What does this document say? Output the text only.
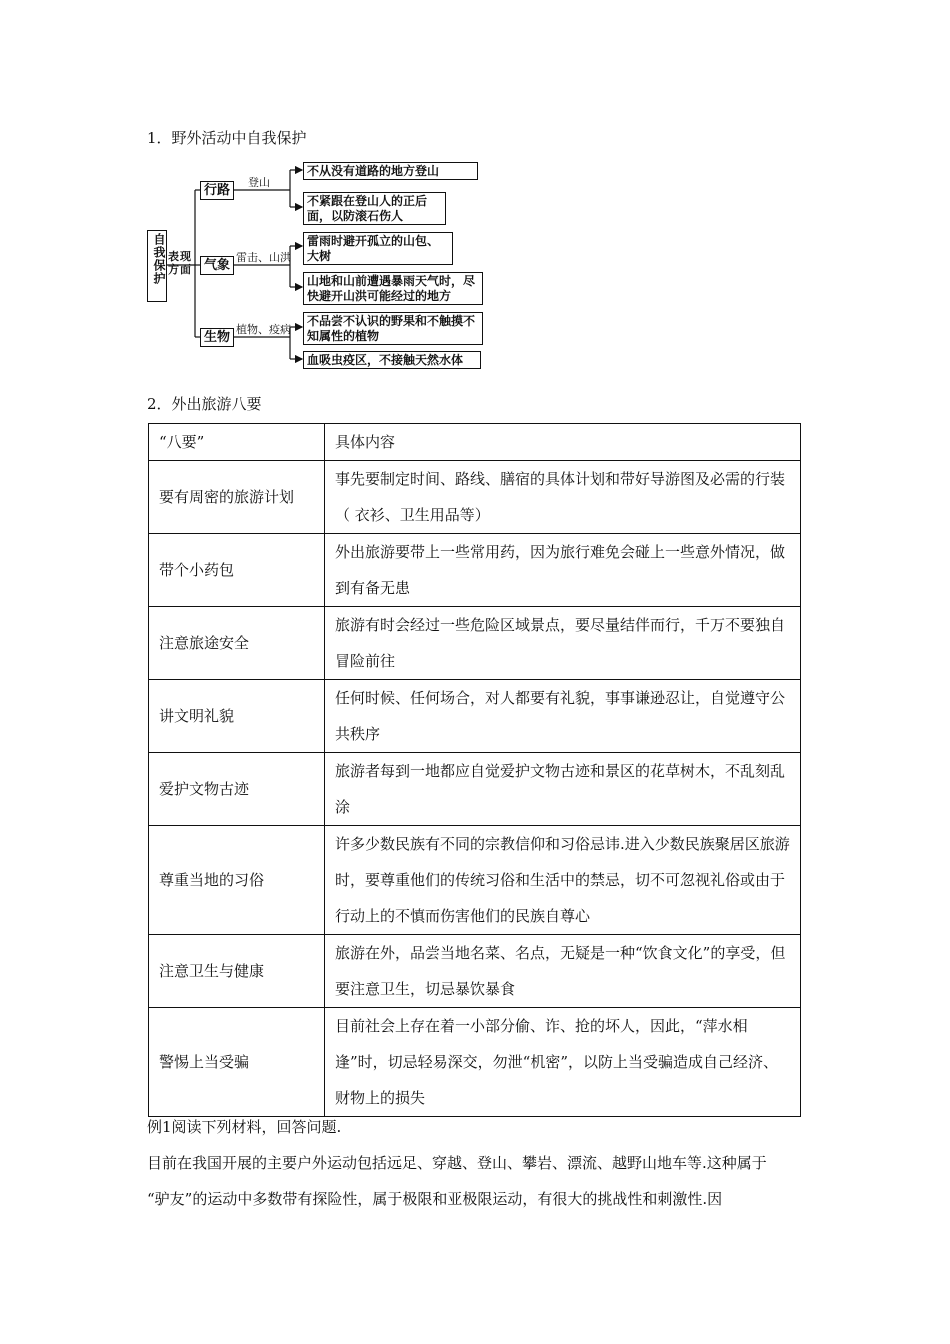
1．野外活动中自我保护
自我保护 表现方面
行路
气象
生物
登山
雷击、山洪
植物、疫病
不从没有道路的地方登山
不紧跟在登山人的正后面，以防滚石伤人
雷雨时避开孤立的山包、大树
山地和山前遭遇暴雨天气时，尽快避开山洪可能经过的地方
不品尝不认识的野果和不触摸不知属性的植物
血吸虫疫区，不接触天然水体
2．外出旅游八要
“八要”	具体内容
要有周密的旅游计划	事先要制定时间、路线、膳宿的具体计划和带好导游图及必需的行装（ 衣衫、卫生用品等）
带个小药包	外出旅游要带上一些常用药，因为旅行难免会碰上一些意外情况，做到有备无患
注意旅途安全	旅游有时会经过一些危险区域景点，要尽量结伴而行，千万不要独自冒险前往
讲文明礼貌	任何时候、任何场合，对人都要有礼貌，事事谦逊忍让，自觉遵守公共秩序
爱护文物古迹	旅游者每到一地都应自觉爱护文物古迹和景区的花草树木，不乱刻乱涂
尊重当地的习俗	许多少数民族有不同的宗教信仰和习俗忌讳.进入少数民族聚居区旅游时，要尊重他们的传统习俗和生活中的禁忌，切不可忽视礼俗或由于行动上的不慎而伤害他们的民族自尊心
注意卫生与健康	旅游在外，品尝当地名菜、名点，无疑是一种“饮食文化”的享受，但要注意卫生，切忌暴饮暴食
警惕上当受骗	目前社会上存在着一小部分偷、诈、抢的坏人，因此，“萍水相逢”时，切忌轻易深交，勿泄“机密”，以防上当受骗造成自己经济、财物上的损失
例1阅读下列材料，回答问题.
目前在我国开展的主要户外运动包括远足、穿越、登山、攀岩、漂流、越野山地车等.这种属于
“驴友”的运动中多数带有探险性，属于极限和亚极限运动，有很大的挑战性和刺激性.因
